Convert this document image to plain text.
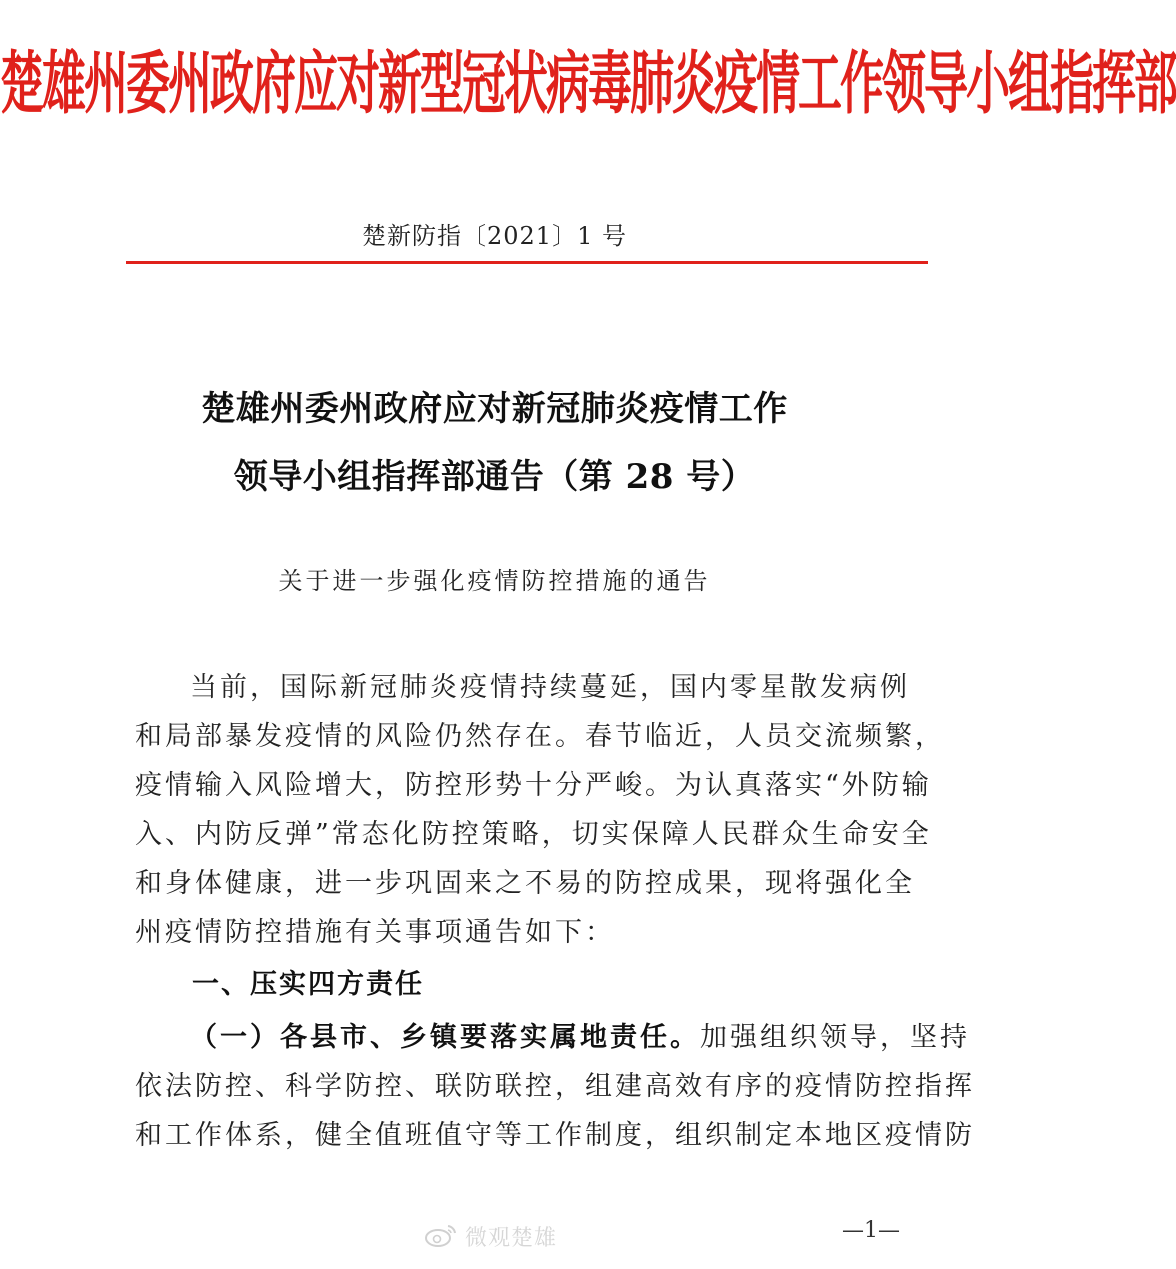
楚雄州委州政府应对新型冠状病毒肺炎疫情工作领导小组指挥部
楚新防指〔2021〕1 号
楚雄州委州政府应对新冠肺炎疫情工作
领导小组指挥部通告（第 28 号）
关于进一步强化疫情防控措施的通告
当前，国际新冠肺炎疫情持续蔓延，国内零星散发病例
和局部暴发疫情的风险仍然存在。春节临近，人员交流频繁，
疫情输入风险增大，防控形势十分严峻。为认真落实“外防输
入、内防反弹”常态化防控策略，切实保障人民群众生命安全
和身体健康，进一步巩固来之不易的防控成果，现将强化全
州疫情防控措施有关事项通告如下：
一、压实四方责任
（一）各县市、乡镇要落实属地责任。加强组织领导，坚持
依法防控、科学防控、联防联控，组建高效有序的疫情防控指挥
和工作体系，健全值班值守等工作制度，组织制定本地区疫情防
微观楚雄	—1—
